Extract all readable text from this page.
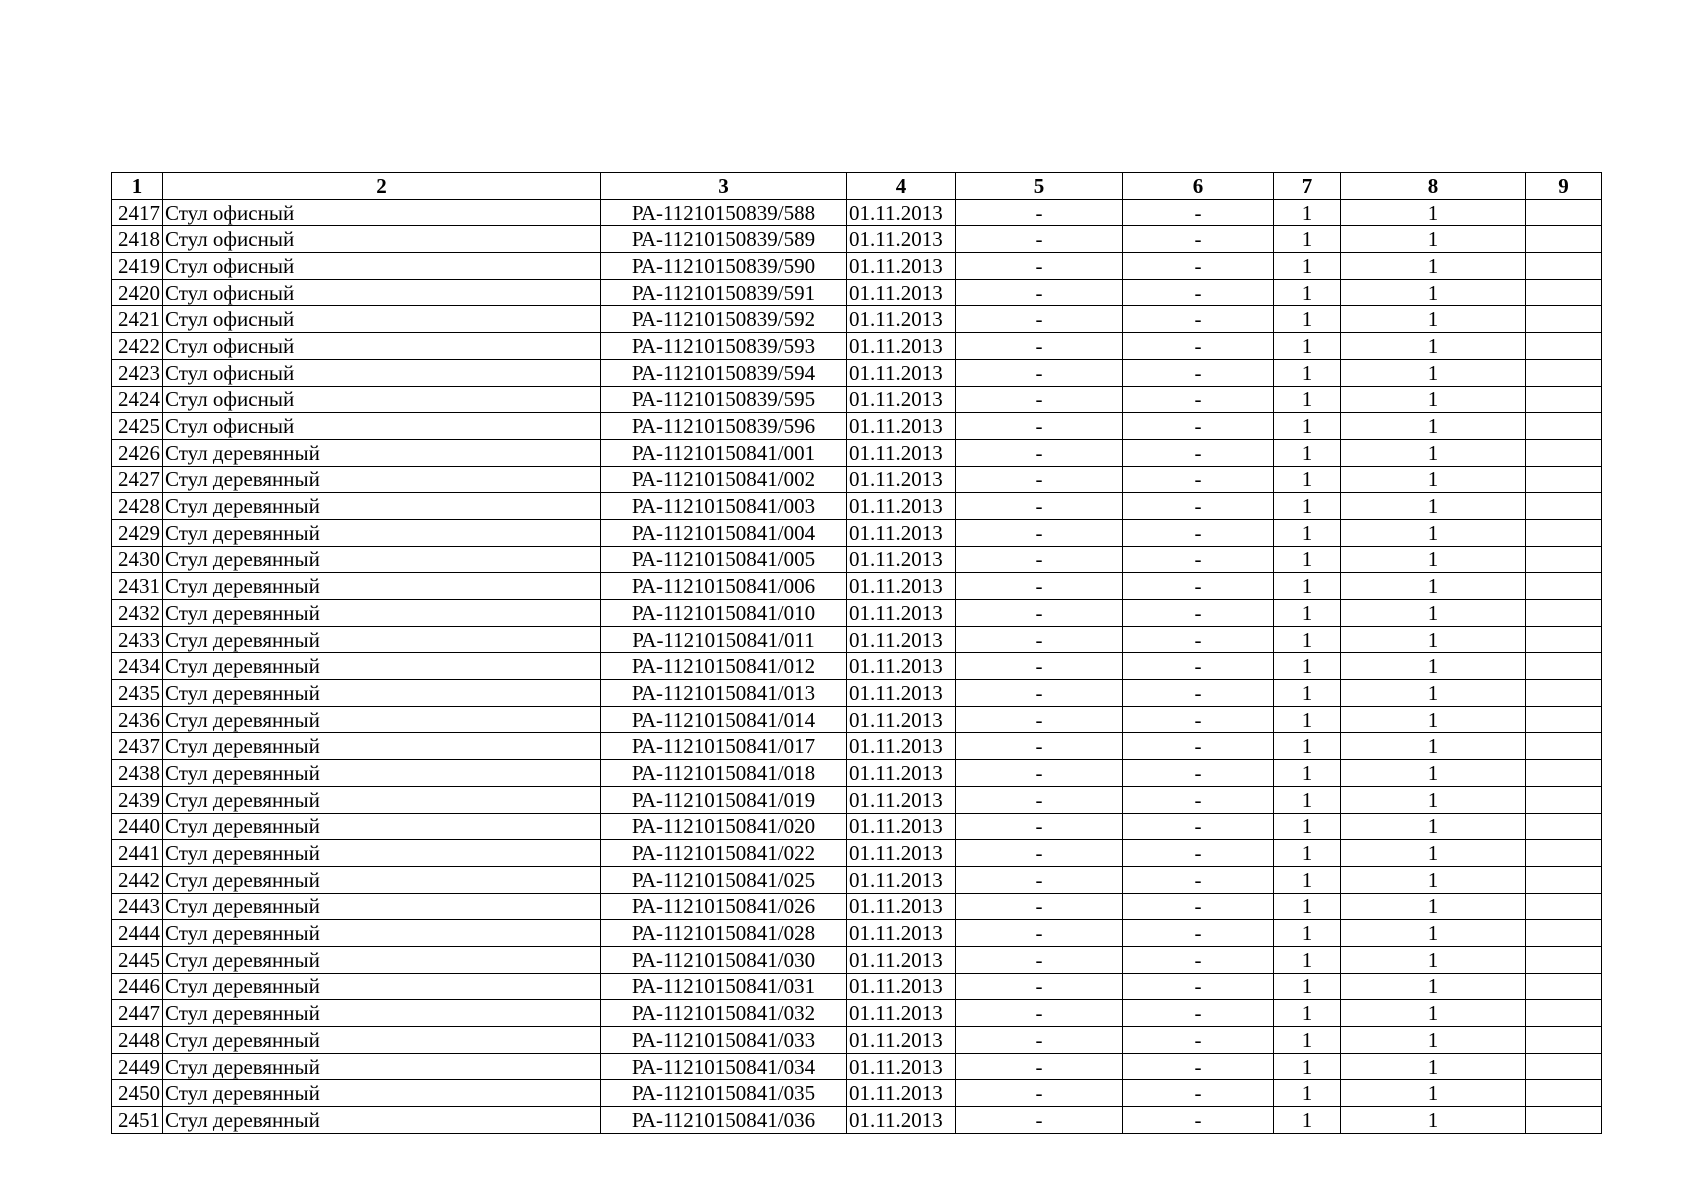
1	2	3	4	5	6	7	8	9
2417	Стул офисный	РА-11210150839/588	01.11.2013	-	-	1	1	
2418	Стул офисный	РА-11210150839/589	01.11.2013	-	-	1	1	
2419	Стул офисный	РА-11210150839/590	01.11.2013	-	-	1	1	
2420	Стул офисный	РА-11210150839/591	01.11.2013	-	-	1	1	
2421	Стул офисный	РА-11210150839/592	01.11.2013	-	-	1	1	
2422	Стул офисный	РА-11210150839/593	01.11.2013	-	-	1	1	
2423	Стул офисный	РА-11210150839/594	01.11.2013	-	-	1	1	
2424	Стул офисный	РА-11210150839/595	01.11.2013	-	-	1	1	
2425	Стул офисный	РА-11210150839/596	01.11.2013	-	-	1	1	
2426	Стул деревянный	РА-11210150841/001	01.11.2013	-	-	1	1	
2427	Стул деревянный	РА-11210150841/002	01.11.2013	-	-	1	1	
2428	Стул деревянный	РА-11210150841/003	01.11.2013	-	-	1	1	
2429	Стул деревянный	РА-11210150841/004	01.11.2013	-	-	1	1	
2430	Стул деревянный	РА-11210150841/005	01.11.2013	-	-	1	1	
2431	Стул деревянный	РА-11210150841/006	01.11.2013	-	-	1	1	
2432	Стул деревянный	РА-11210150841/010	01.11.2013	-	-	1	1	
2433	Стул деревянный	РА-11210150841/011	01.11.2013	-	-	1	1	
2434	Стул деревянный	РА-11210150841/012	01.11.2013	-	-	1	1	
2435	Стул деревянный	РА-11210150841/013	01.11.2013	-	-	1	1	
2436	Стул деревянный	РА-11210150841/014	01.11.2013	-	-	1	1	
2437	Стул деревянный	РА-11210150841/017	01.11.2013	-	-	1	1	
2438	Стул деревянный	РА-11210150841/018	01.11.2013	-	-	1	1	
2439	Стул деревянный	РА-11210150841/019	01.11.2013	-	-	1	1	
2440	Стул деревянный	РА-11210150841/020	01.11.2013	-	-	1	1	
2441	Стул деревянный	РА-11210150841/022	01.11.2013	-	-	1	1	
2442	Стул деревянный	РА-11210150841/025	01.11.2013	-	-	1	1	
2443	Стул деревянный	РА-11210150841/026	01.11.2013	-	-	1	1	
2444	Стул деревянный	РА-11210150841/028	01.11.2013	-	-	1	1	
2445	Стул деревянный	РА-11210150841/030	01.11.2013	-	-	1	1	
2446	Стул деревянный	РА-11210150841/031	01.11.2013	-	-	1	1	
2447	Стул деревянный	РА-11210150841/032	01.11.2013	-	-	1	1	
2448	Стул деревянный	РА-11210150841/033	01.11.2013	-	-	1	1	
2449	Стул деревянный	РА-11210150841/034	01.11.2013	-	-	1	1	
2450	Стул деревянный	РА-11210150841/035	01.11.2013	-	-	1	1	
2451	Стул деревянный	РА-11210150841/036	01.11.2013	-	-	1	1	
